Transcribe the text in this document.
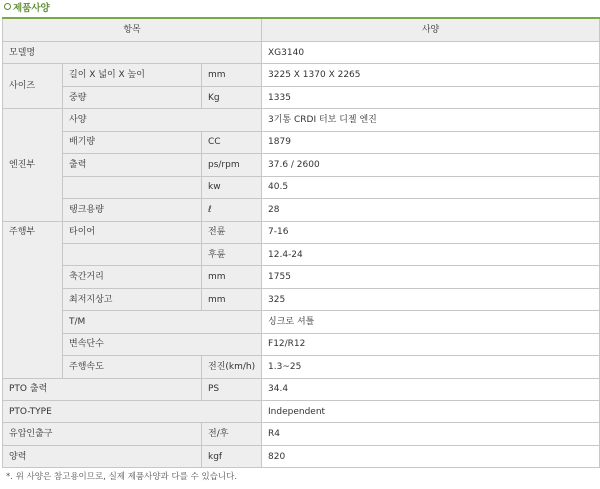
제품사양
항목			사양
모델명			XG3140
사이즈	길이 X 넓이 X 높이	mm	3225 X 1370 X 2265
	중량	Kg	1335
엔진부	사양		3기통 CRDI 터보 디젤 엔진
	배기량	CC	1879
	출력	ps/rpm	37.6 / 2600
		kw	40.5
	탱크용량	ℓ	28
주행부	타이어	전륜	7-16
		후륜	12.4-24
	축간거리	mm	1755
	최저지상고	mm	325
	T/M		싱크로 셔틀
	변속단수		F12/R12
	주행속도	전진(km/h)	1.3~25
PTO 출력		PS	34.4
PTO-TYPE			Independent
유압인출구		전/후	R4
양력		kgf	820
*. 위 사양은 참고용이므로, 실제 제품사양과 다를 수 있습니다.
